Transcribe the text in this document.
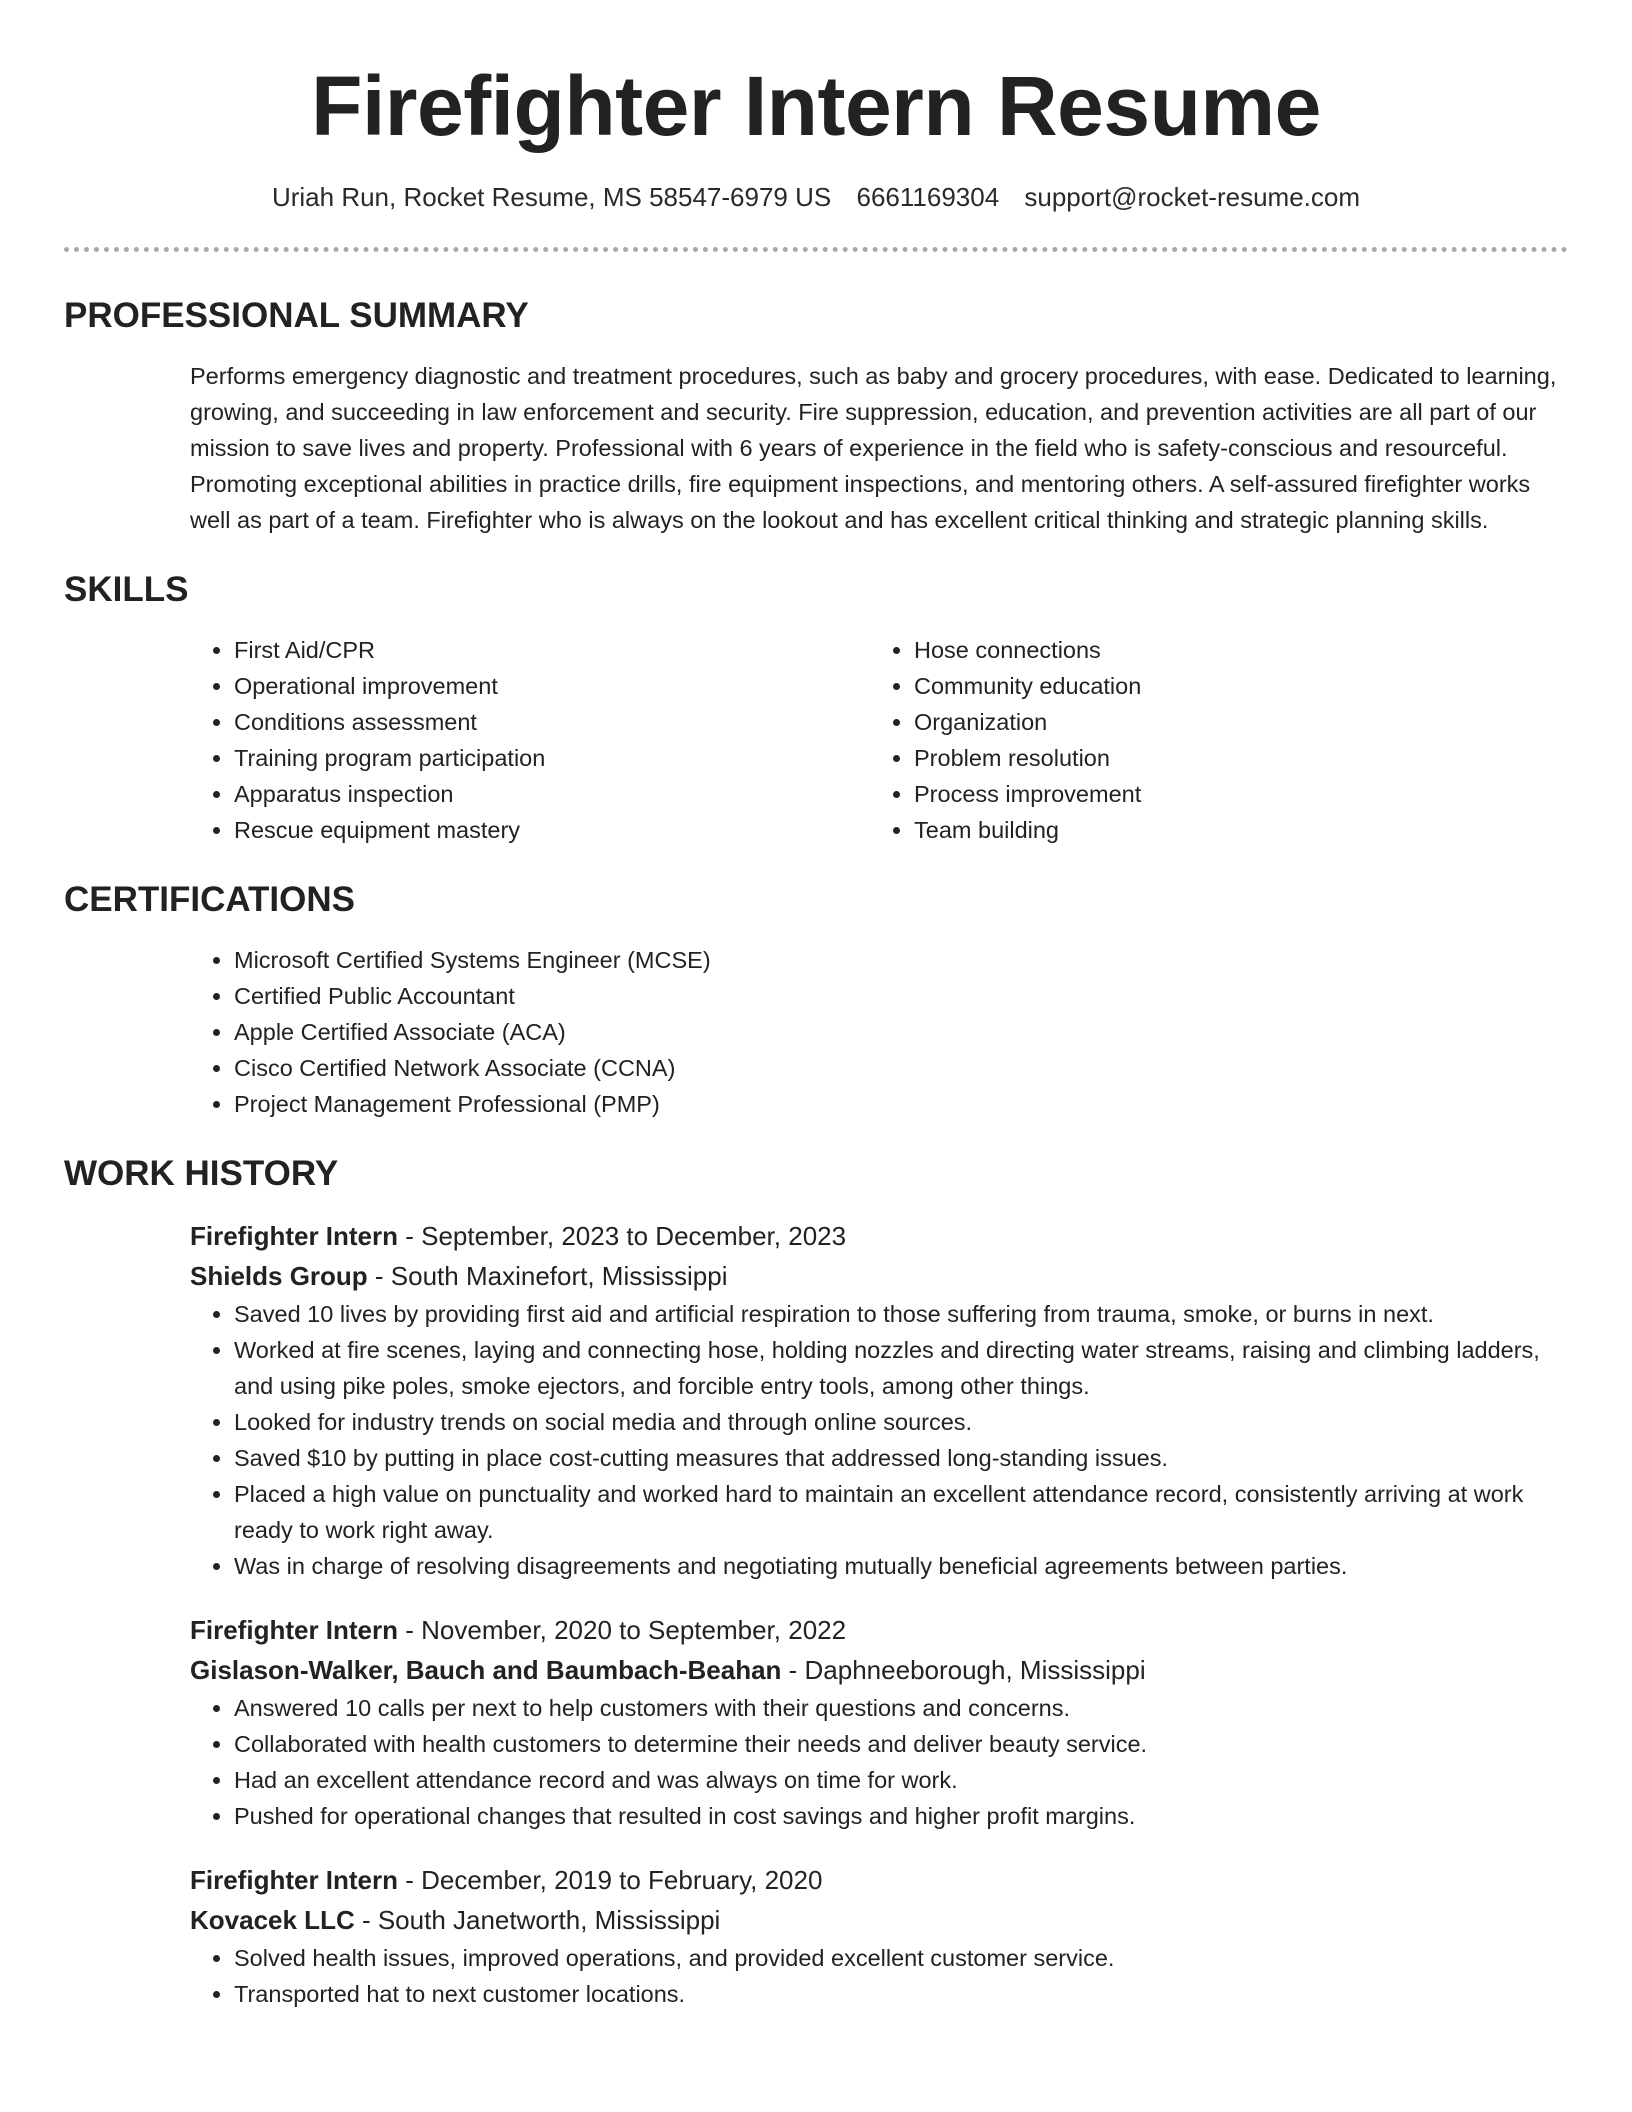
Firefighter Intern Resume
Uriah Run, Rocket Resume, MS 58547-6979 US 6661169304 support@rocket-resume.com
PROFESSIONAL SUMMARY
Performs emergency diagnostic and treatment procedures, such as baby and grocery procedures, with ease. Dedicated to learning, growing, and succeeding in law enforcement and security. Fire suppression, education, and prevention activities are all part of our mission to save lives and property. Professional with 6 years of experience in the field who is safety-conscious and resourceful. Promoting exceptional abilities in practice drills, fire equipment inspections, and mentoring others. A self-assured firefighter works well as part of a team. Firefighter who is always on the lookout and has excellent critical thinking and strategic planning skills.
SKILLS
• First Aid/CPR
• Operational improvement
• Conditions assessment
• Training program participation
• Apparatus inspection
• Rescue equipment mastery
• Hose connections
• Community education
• Organization
• Problem resolution
• Process improvement
• Team building
CERTIFICATIONS
• Microsoft Certified Systems Engineer (MCSE)
• Certified Public Accountant
• Apple Certified Associate (ACA)
• Cisco Certified Network Associate (CCNA)
• Project Management Professional (PMP)
WORK HISTORY
Firefighter Intern - September, 2023 to December, 2023
Shields Group - South Maxinefort, Mississippi
• Saved 10 lives by providing first aid and artificial respiration to those suffering from trauma, smoke, or burns in next.
• Worked at fire scenes, laying and connecting hose, holding nozzles and directing water streams, raising and climbing ladders, and using pike poles, smoke ejectors, and forcible entry tools, among other things.
• Looked for industry trends on social media and through online sources.
• Saved $10 by putting in place cost-cutting measures that addressed long-standing issues.
• Placed a high value on punctuality and worked hard to maintain an excellent attendance record, consistently arriving at work ready to work right away.
• Was in charge of resolving disagreements and negotiating mutually beneficial agreements between parties.
Firefighter Intern - November, 2020 to September, 2022
Gislason-Walker, Bauch and Baumbach-Beahan - Daphneeborough, Mississippi
• Answered 10 calls per next to help customers with their questions and concerns.
• Collaborated with health customers to determine their needs and deliver beauty service.
• Had an excellent attendance record and was always on time for work.
• Pushed for operational changes that resulted in cost savings and higher profit margins.
Firefighter Intern - December, 2019 to February, 2020
Kovacek LLC - South Janetworth, Mississippi
• Solved health issues, improved operations, and provided excellent customer service.
• Transported hat to next customer locations.
